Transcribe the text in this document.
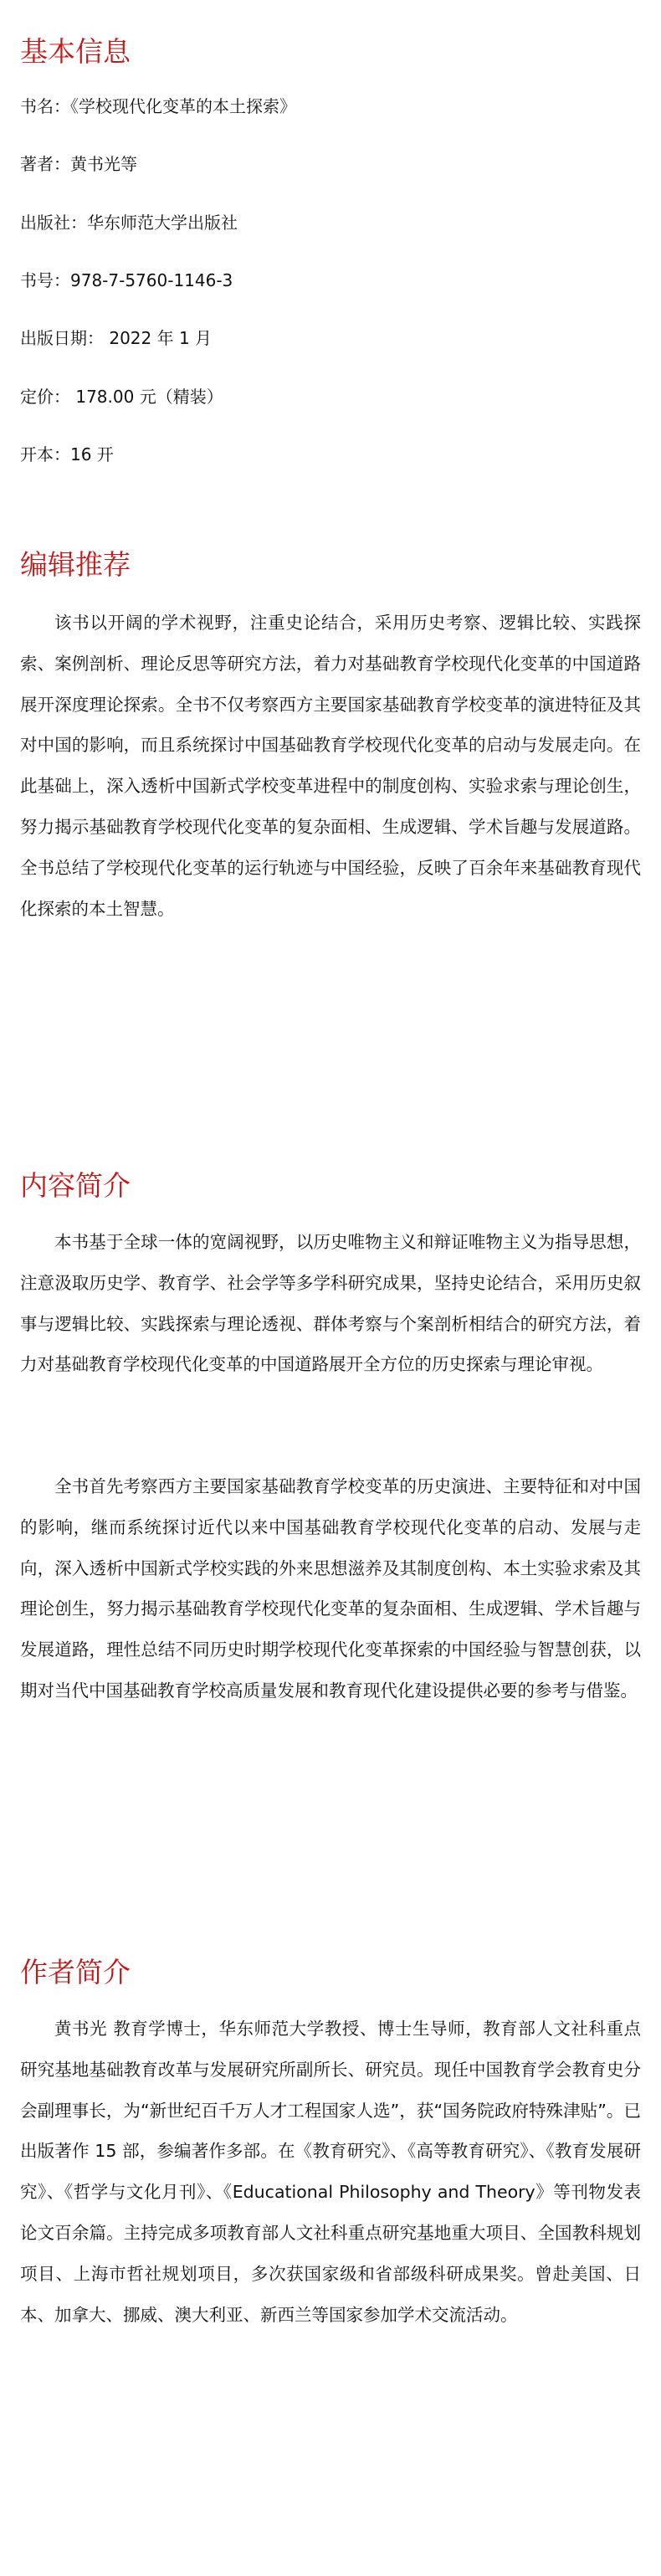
基本信息

书名：《学校现代化变革的本土探索》

著者：黄书光等

出版社：华东师范大学出版社

书号：978-7-5760-1146-3

出版日期： 2022 年 1 月

定价： 178.00 元（精装）

开本：16 开

编辑推荐

该书以开阔的学术视野，注重史论结合，采用历史考察、逻辑比较、实践探索、案例剖析、理论反思等研究方法，着力对基础教育学校现代化变革的中国道路展开深度理论探索。全书不仅考察西方主要国家基础教育学校变革的演进特征及其对中国的影响，而且系统探讨中国基础教育学校现代化变革的启动与发展走向。在此基础上，深入透析中国新式学校变革进程中的制度创构、实验求索与理论创生，努力揭示基础教育学校现代化变革的复杂面相、生成逻辑、学术旨趣与发展道路。全书总结了学校现代化变革的运行轨迹与中国经验，反映了百余年来基础教育现代化探索的本土智慧。

内容简介

本书基于全球一体的宽阔视野，以历史唯物主义和辩证唯物主义为指导思想，注意汲取历史学、教育学、社会学等多学科研究成果，坚持史论结合，采用历史叙事与逻辑比较、实践探索与理论透视、群体考察与个案剖析相结合的研究方法，着力对基础教育学校现代化变革的中国道路展开全方位的历史探索与理论审视。

全书首先考察西方主要国家基础教育学校变革的历史演进、主要特征和对中国的影响，继而系统探讨近代以来中国基础教育学校现代化变革的启动、发展与走向，深入透析中国新式学校实践的外来思想滋养及其制度创构、本土实验求索及其理论创生，努力揭示基础教育学校现代化变革的复杂面相、生成逻辑、学术旨趣与发展道路，理性总结不同历史时期学校现代化变革探索的中国经验与智慧创获，以期对当代中国基础教育学校高质量发展和教育现代化建设提供必要的参考与借鉴。

作者简介

黄书光 教育学博士，华东师范大学教授、博士生导师，教育部人文社科重点研究基地基础教育改革与发展研究所副所长、研究员。现任中国教育学会教育史分会副理事长，为“新世纪百千万人才工程国家人选”，获“国务院政府特殊津贴”。已出版著作 15 部，参编著作多部。在《教育研究》、《高等教育研究》、《教育发展研究》、《哲学与文化月刊》、《Educational Philosophy and Theory》等刊物发表论文百余篇。主持完成多项教育部人文社科重点研究基地重大项目、全国教科规划项目、上海市哲社规划项目，多次获国家级和省部级科研成果奖。曾赴美国、日本、加拿大、挪威、澳大利亚、新西兰等国家参加学术交流活动。
